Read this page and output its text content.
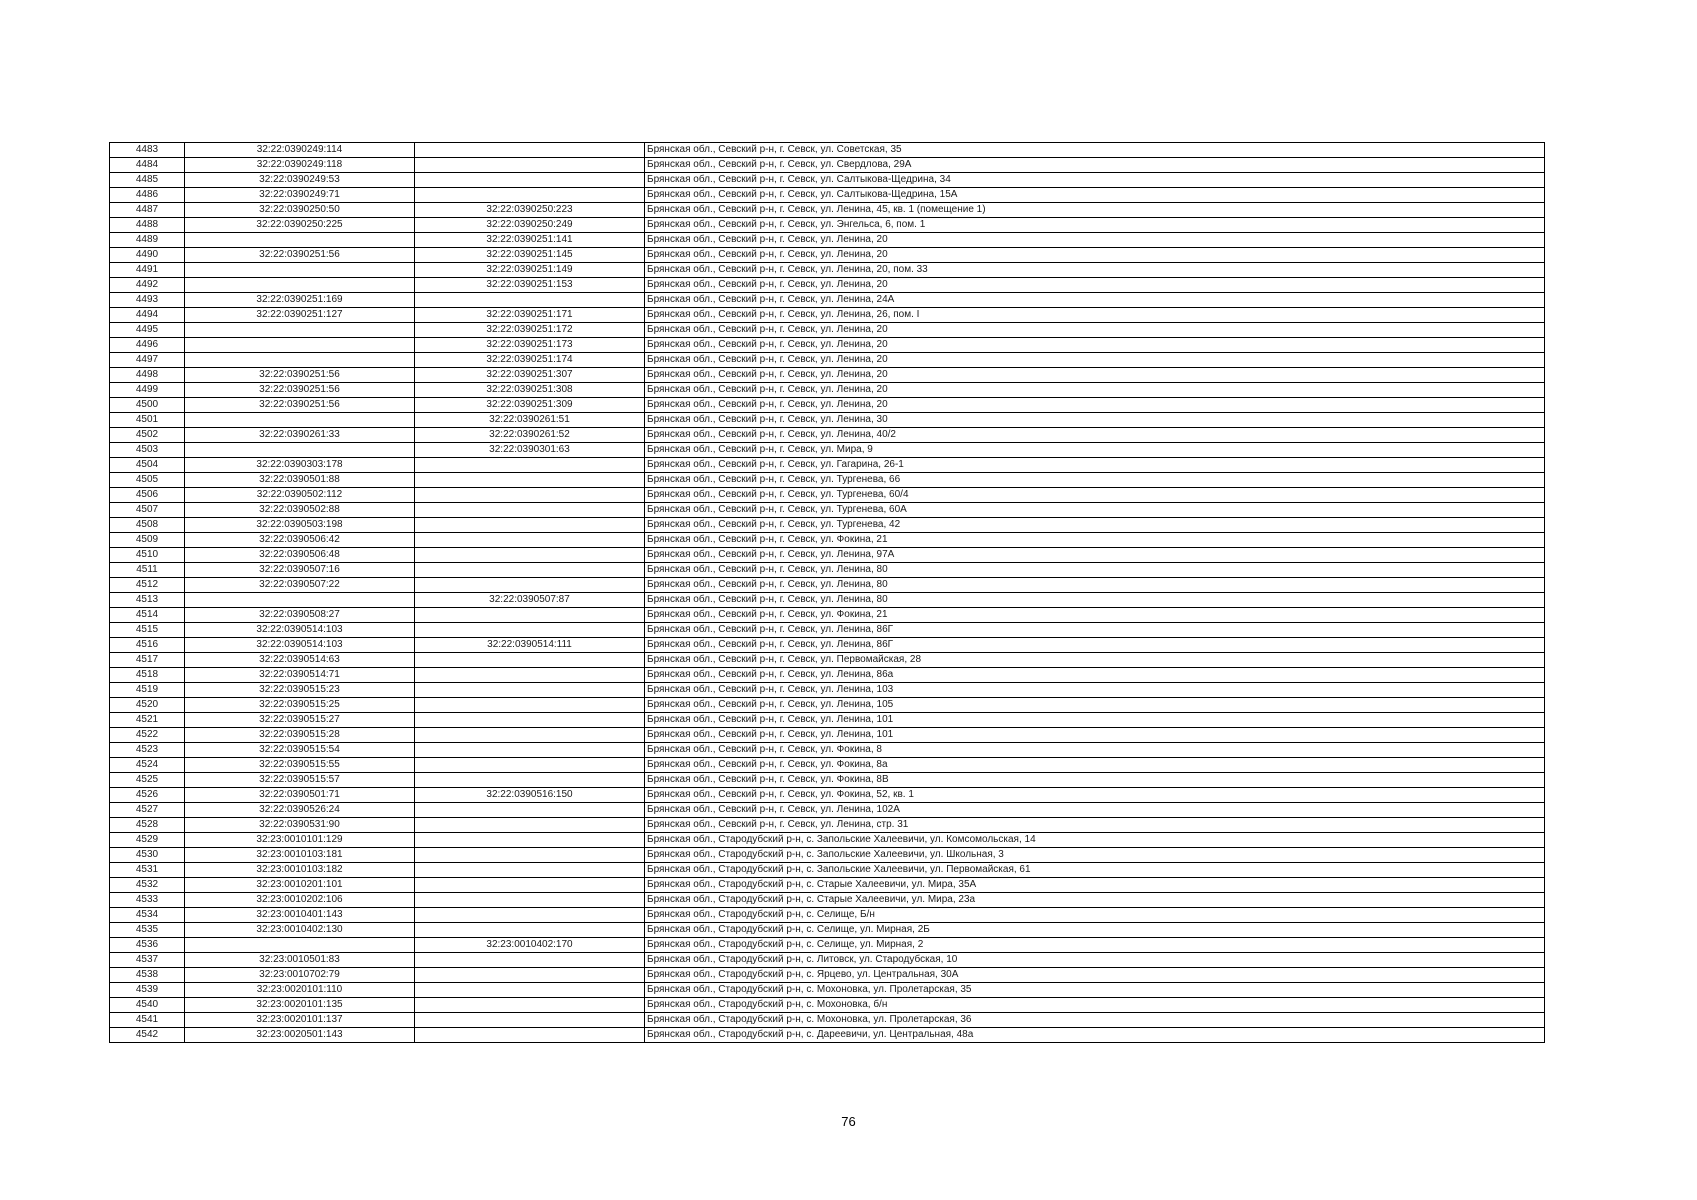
4483	32:22:0390249:114		Брянская обл., Севский р-н, г. Севск, ул. Советская, 35
4484	32:22:0390249:118		Брянская обл., Севский р-н, г. Севск, ул. Свердлова, 29А
4485	32:22:0390249:53		Брянская обл., Севский р-н, г. Севск, ул. Салтыкова-Щедрина, 34
4486	32:22:0390249:71		Брянская обл., Севский р-н, г. Севск, ул. Салтыкова-Щедрина, 15А
4487	32:22:0390250:50	32:22:0390250:223	Брянская обл., Севский р-н, г. Севск, ул. Ленина, 45, кв. 1 (помещение 1)
4488	32:22:0390250:225	32:22:0390250:249	Брянская обл., Севский р-н, г. Севск, ул. Энгельса, 6, пом. 1
4489		32:22:0390251:141	Брянская обл., Севский р-н, г. Севск, ул. Ленина, 20
4490	32:22:0390251:56	32:22:0390251:145	Брянская обл., Севский р-н, г. Севск, ул. Ленина, 20
4491		32:22:0390251:149	Брянская обл., Севский р-н, г. Севск, ул. Ленина, 20, пом. 33
4492		32:22:0390251:153	Брянская обл., Севский р-н, г. Севск, ул. Ленина, 20
4493	32:22:0390251:169		Брянская обл., Севский р-н, г. Севск, ул. Ленина, 24А
4494	32:22:0390251:127	32:22:0390251:171	Брянская обл., Севский р-н, г. Севск, ул. Ленина, 26, пом. I
4495		32:22:0390251:172	Брянская обл., Севский р-н, г. Севск, ул. Ленина, 20
4496		32:22:0390251:173	Брянская обл., Севский р-н, г. Севск, ул. Ленина, 20
4497		32:22:0390251:174	Брянская обл., Севский р-н, г. Севск, ул. Ленина, 20
4498	32:22:0390251:56	32:22:0390251:307	Брянская обл., Севский р-н, г. Севск, ул. Ленина, 20
4499	32:22:0390251:56	32:22:0390251:308	Брянская обл., Севский р-н, г. Севск, ул. Ленина, 20
4500	32:22:0390251:56	32:22:0390251:309	Брянская обл., Севский р-н, г. Севск, ул. Ленина, 20
4501		32:22:0390261:51	Брянская обл., Севский р-н, г. Севск, ул. Ленина, 30
4502	32:22:0390261:33	32:22:0390261:52	Брянская обл., Севский р-н, г. Севск, ул. Ленина, 40/2
4503		32:22:0390301:63	Брянская обл., Севский р-н, г. Севск, ул. Мира, 9
4504	32:22:0390303:178		Брянская обл., Севский р-н, г. Севск, ул. Гагарина, 26-1
4505	32:22:0390501:88		Брянская обл., Севский р-н, г. Севск, ул. Тургенева, 66
4506	32:22:0390502:112		Брянская обл., Севский р-н, г. Севск, ул. Тургенева, 60/4
4507	32:22:0390502:88		Брянская обл., Севский р-н, г. Севск, ул. Тургенева, 60А
4508	32:22:0390503:198		Брянская обл., Севский р-н, г. Севск, ул. Тургенева, 42
4509	32:22:0390506:42		Брянская обл., Севский р-н, г. Севск, ул. Фокина, 21
4510	32:22:0390506:48		Брянская обл., Севский р-н, г. Севск, ул. Ленина, 97А
4511	32:22:0390507:16		Брянская обл., Севский р-н, г. Севск, ул. Ленина, 80
4512	32:22:0390507:22		Брянская обл., Севский р-н, г. Севск, ул. Ленина, 80
4513		32:22:0390507:87	Брянская обл., Севский р-н, г. Севск, ул. Ленина, 80
4514	32:22:0390508:27		Брянская обл., Севский р-н, г. Севск, ул. Фокина, 21
4515	32:22:0390514:103		Брянская обл., Севский р-н, г. Севск, ул. Ленина, 86Г
4516	32:22:0390514:103	32:22:0390514:111	Брянская обл., Севский р-н, г. Севск, ул. Ленина, 86Г
4517	32:22:0390514:63		Брянская обл., Севский р-н, г. Севск, ул. Первомайская, 28
4518	32:22:0390514:71		Брянская обл., Севский р-н, г. Севск, ул. Ленина, 86а
4519	32:22:0390515:23		Брянская обл., Севский р-н, г. Севск, ул. Ленина, 103
4520	32:22:0390515:25		Брянская обл., Севский р-н, г. Севск, ул. Ленина, 105
4521	32:22:0390515:27		Брянская обл., Севский р-н, г. Севск, ул. Ленина, 101
4522	32:22:0390515:28		Брянская обл., Севский р-н, г. Севск, ул. Ленина, 101
4523	32:22:0390515:54		Брянская обл., Севский р-н, г. Севск, ул. Фокина, 8
4524	32:22:0390515:55		Брянская обл., Севский р-н, г. Севск, ул. Фокина, 8а
4525	32:22:0390515:57		Брянская обл., Севский р-н, г. Севск, ул. Фокина, 8В
4526	32:22:0390501:71	32:22:0390516:150	Брянская обл., Севский р-н, г. Севск, ул. Фокина, 52, кв. 1
4527	32:22:0390526:24		Брянская обл., Севский р-н, г. Севск, ул. Ленина, 102А
4528	32:22:0390531:90		Брянская обл., Севский р-н, г. Севск, ул. Ленина, стр. 31
4529	32:23:0010101:129		Брянская обл., Стародубский р-н, с. Запольские Халеевичи, ул. Комсомольская, 14
4530	32:23:0010103:181		Брянская обл., Стародубский р-н, с. Запольские Халеевичи, ул. Школьная, 3
4531	32:23:0010103:182		Брянская обл., Стародубский р-н, с. Запольские Халеевичи, ул. Первомайская, 61
4532	32:23:0010201:101		Брянская обл., Стародубский р-н, с. Старые Халеевичи, ул. Мира, 35А
4533	32:23:0010202:106		Брянская обл., Стародубский р-н, с. Старые Халеевичи, ул. Мира, 23а
4534	32:23:0010401:143		Брянская обл., Стародубский р-н, с. Селище, Б/н
4535	32:23:0010402:130		Брянская обл., Стародубский р-н, с. Селище, ул. Мирная, 2Б
4536		32:23:0010402:170	Брянская обл., Стародубский р-н, с. Селище, ул. Мирная, 2
4537	32:23:0010501:83		Брянская обл., Стародубский р-н, с. Литовск, ул. Стародубская, 10
4538	32:23:0010702:79		Брянская обл., Стародубский р-н, с. Ярцево, ул. Центральная, 30А
4539	32:23:0020101:110		Брянская обл., Стародубский р-н, с. Мохоновка, ул. Пролетарская, 35
4540	32:23:0020101:135		Брянская обл., Стародубский р-н, с. Мохоновка, б/н
4541	32:23:0020101:137		Брянская обл., Стародубский р-н, с. Мохоновка, ул. Пролетарская, 36
4542	32:23:0020501:143		Брянская обл., Стародубский р-н, с. Дареевичи, ул. Центральная, 48а
76
